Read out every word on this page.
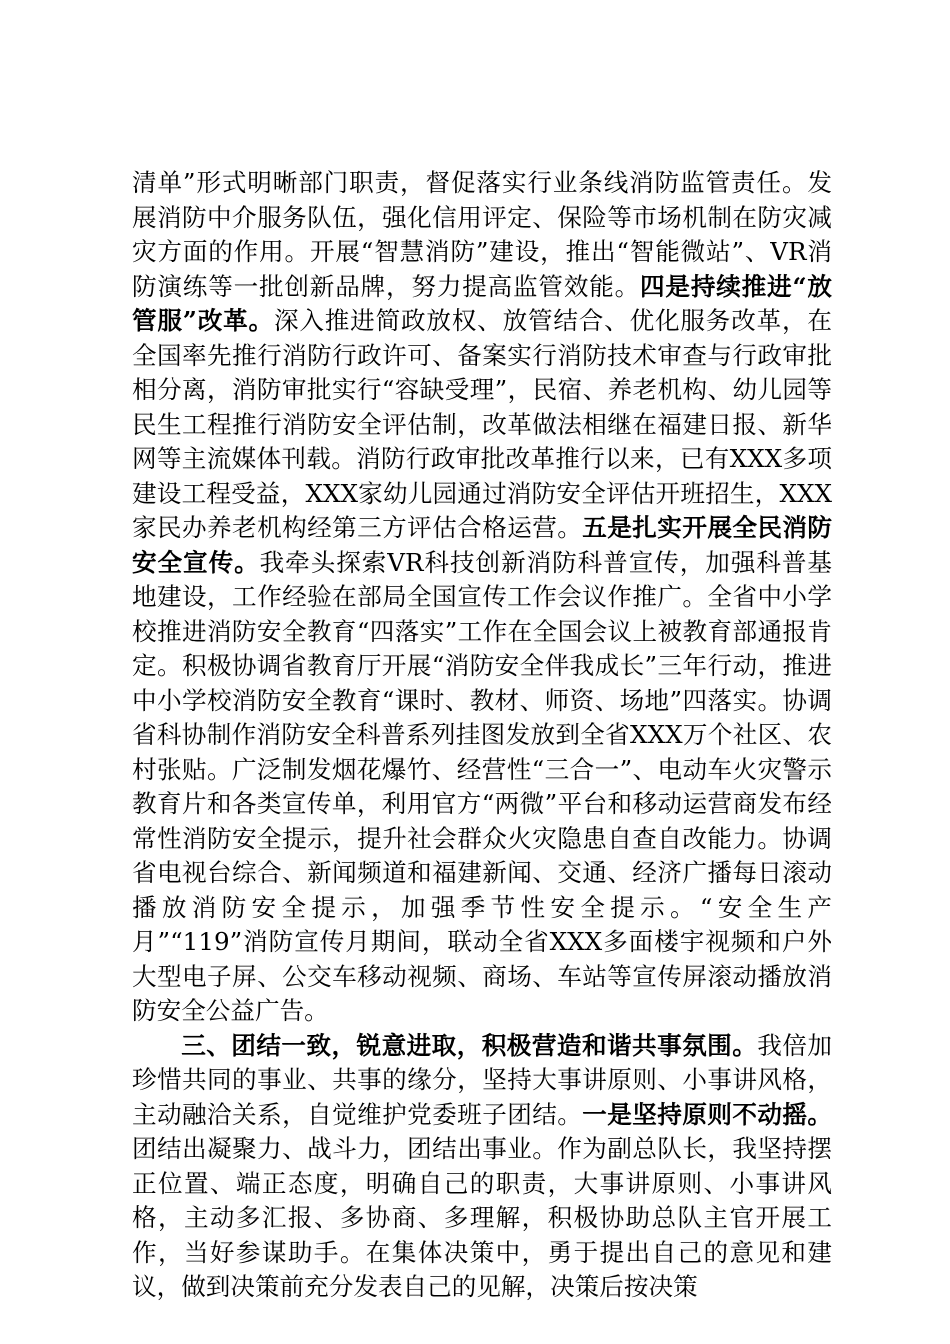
清单”形式明晰部门职责，督促落实行业条线消防监管责任。发展消防中介服务队伍，强化信用评定、保险等市场机制在防灾减灾方面的作用。开展“智慧消防”建设，推出“智能微站”、VR消防演练等一批创新品牌，努力提高监管效能。四是持续推进“放管服”改革。深入推进简政放权、放管结合、优化服务改革，在全国率先推行消防行政许可、备案实行消防技术审查与行政审批相分离，消防审批实行“容缺受理”，民宿、养老机构、幼儿园等民生工程推行消防安全评估制，改革做法相继在福建日报、新华网等主流媒体刊载。消防行政审批改革推行以来，已有XXX多项建设工程受益，XXX家幼儿园通过消防安全评估开班招生，XXX家民办养老机构经第三方评估合格运营。五是扎实开展全民消防安全宣传。我牵头探索VR科技创新消防科普宣传，加强科普基地建设，工作经验在部局全国宣传工作会议作推广。全省中小学校推进消防安全教育“四落实”工作在全国会议上被教育部通报肯定。积极协调省教育厅开展“消防安全伴我成长”三年行动，推进中小学校消防安全教育“课时、教材、师资、场地”四落实。协调省科协制作消防安全科普系列挂图发放到全省XXX万个社区、农村张贴。广泛制发烟花爆竹、经营性“三合一”、电动车火灾警示教育片和各类宣传单，利用官方“两微”平台和移动运营商发布经常性消防安全提示，提升社会群众火灾隐患自查自改能力。协调省电视台综合、新闻频道和福建新闻、交通、经济广播每日滚动播放消防安全提示，加强季节性安全提示。“安全生产月”“119”消防宣传月期间，联动全省XXX多面楼宇视频和户外大型电子屏、公交车移动视频、商场、车站等宣传屏滚动播放消防安全公益广告。

三、团结一致，锐意进取，积极营造和谐共事氛围。我倍加珍惜共同的事业、共事的缘分，坚持大事讲原则、小事讲风格，主动融洽关系，自觉维护党委班子团结。一是坚持原则不动摇。团结出凝聚力、战斗力，团结出事业。作为副总队长，我坚持摆正位置、端正态度，明确自己的职责，大事讲原则、小事讲风格，主动多汇报、多协商、多理解，积极协助总队主官开展工作，当好参谋助手。在集体决策中，勇于提出自己的意见和建议，做到决策前充分发表自己的见解，决策后按决策
